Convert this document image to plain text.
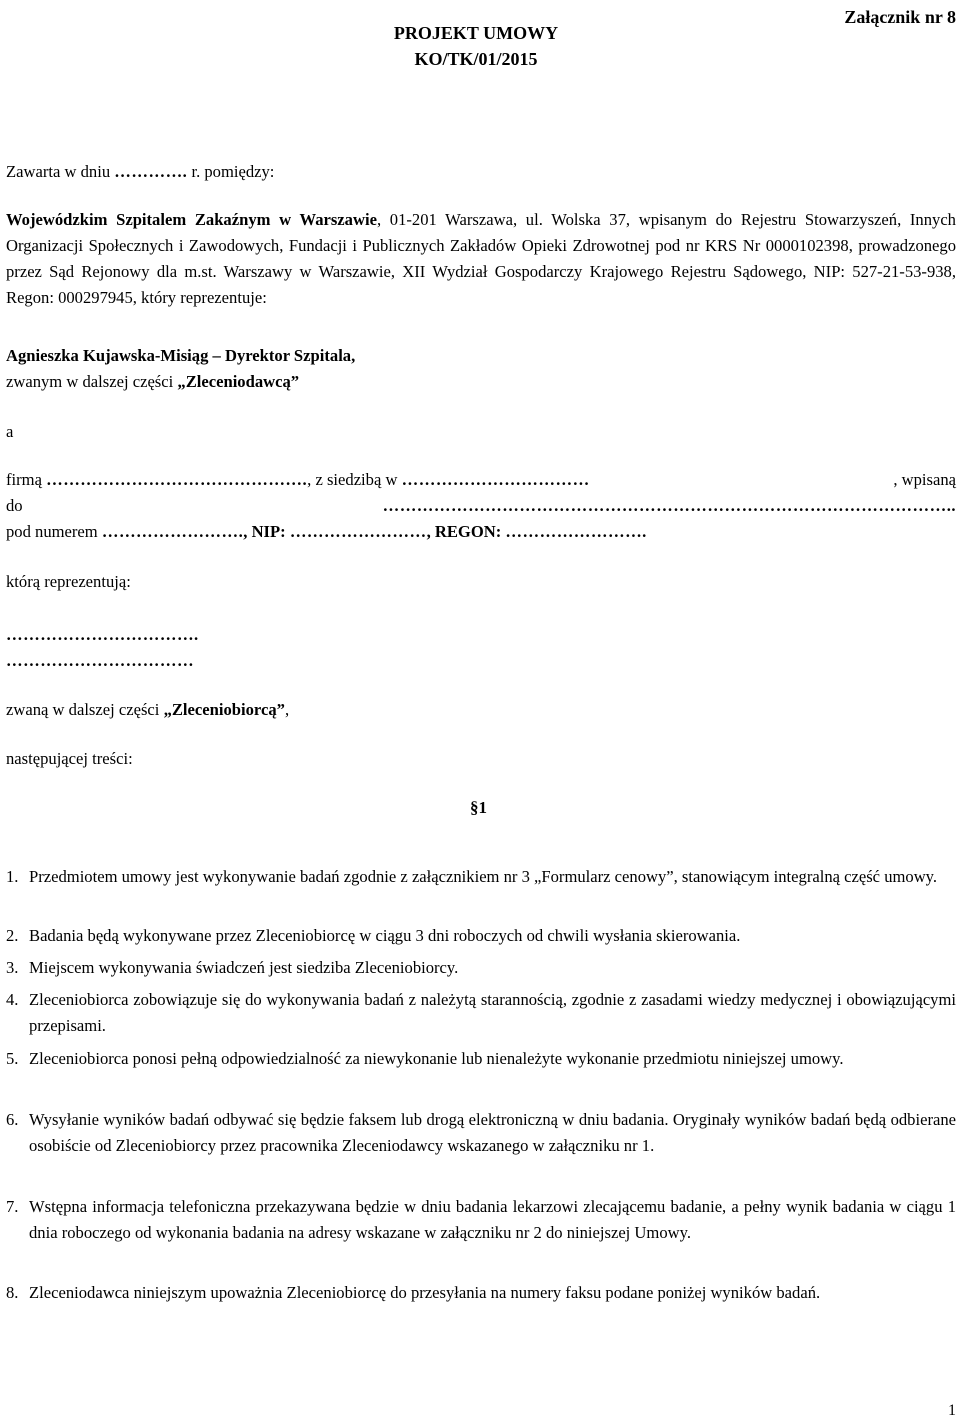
Załącznik nr 8
PROJEKT UMOWY
KO/TK/01/2015
Zawarta w dniu …………. r. pomiędzy:
Wojewódzkim Szpitalem Zakaźnym w Warszawie, 01-201 Warszawa, ul. Wolska 37, wpisanym do Rejestru Stowarzyszeń, Innych Organizacji Społecznych i Zawodowych, Fundacji i Publicznych Zakładów Opieki Zdrowotnej pod nr KRS Nr 0000102398, prowadzonego przez Sąd Rejonowy dla m.st. Warszawy w Warszawie, XII Wydział Gospodarczy Krajowego Rejestru Sądowego, NIP: 527-21-53-938, Regon: 000297945, który reprezentuje:
Agnieszka Kujawska-Misiąg – Dyrektor Szpitala,
zwanym w dalszej części „Zleceniodawcą”
a
firmą ………………………………………., z siedzibą w ……………………………	, wpisaną
do	………………………………………………………………………………………..
pod numerem ……………………., NIP: ……………………, REGON: …………………….
którą reprezentują:
…………………………….
……………………………
zwaną w dalszej części „Zleceniobiorcą”,
następującej treści:
§1
1. Przedmiotem umowy jest wykonywanie badań zgodnie z załącznikiem nr 3 „Formularz cenowy”, stanowiącym integralną część umowy.
2. Badania będą wykonywane przez Zleceniobiorcę w ciągu 3 dni roboczych od chwili wysłania skierowania.
3. Miejscem wykonywania świadczeń jest siedziba Zleceniobiorcy.
4. Zleceniobiorca zobowiązuje się do wykonywania badań z należytą starannością, zgodnie z zasadami wiedzy medycznej i obowiązującymi przepisami.
5. Zleceniobiorca ponosi pełną odpowiedzialność za niewykonanie lub nienależyte wykonanie przedmiotu niniejszej umowy.
6. Wysyłanie wyników badań odbywać się będzie faksem lub drogą elektroniczną w dniu badania. Oryginały wyników badań będą odbierane osobiście od Zleceniobiorcy przez pracownika Zleceniodawcy wskazanego w załączniku nr 1.
7. Wstępna informacja telefoniczna przekazywana będzie w dniu badania lekarzowi zlecającemu badanie, a pełny wynik badania w ciągu 1 dnia roboczego od wykonania badania na adresy wskazane w załączniku nr 2 do niniejszej Umowy.
8. Zleceniodawca niniejszym upoważnia Zleceniobiorcę do przesyłania na numery faksu podane poniżej wyników badań.
1
